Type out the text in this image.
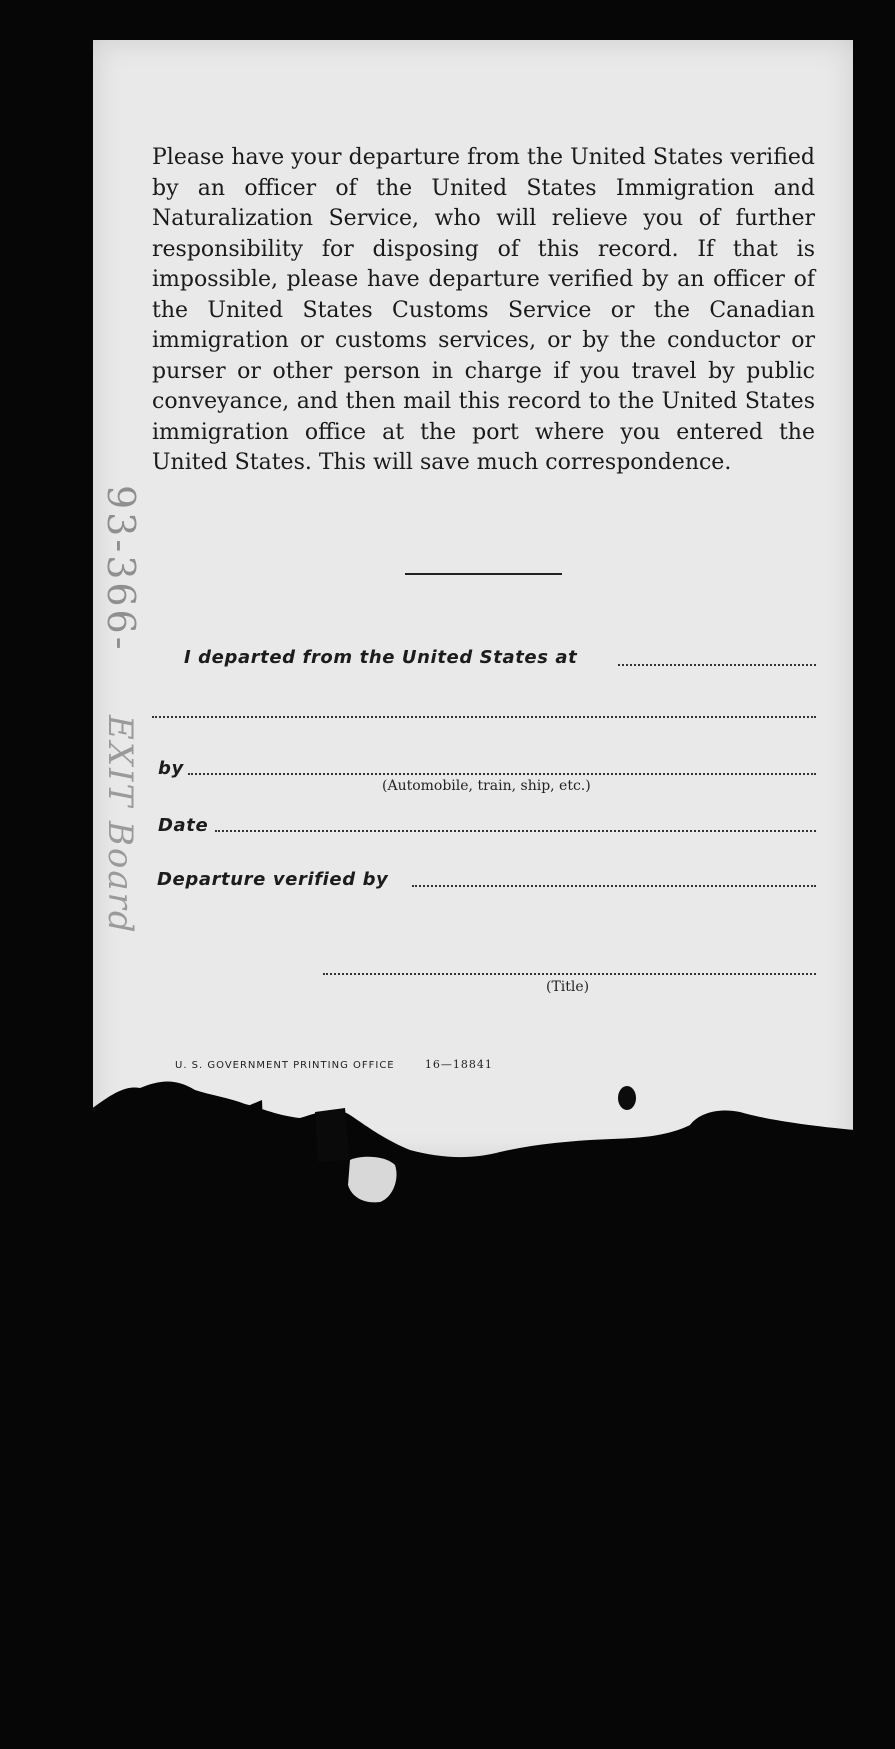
93-366-
EXIT Board

Please have your departure from the United States verified by an officer of the United States Immigration and Naturalization Service, who will relieve you of further responsibility for disposing of this record. If that is impossible, please have departure verified by an officer of the United States Customs Service or the Canadian immigration or customs services, or by the conductor or purser or other person in charge if you travel by public conveyance, and then mail this record to the United States immigration office at the port where you entered the United States. This will save much correspondence.

I departed from the United States at
by
(Automobile, train, ship, etc.)
Date
Departure verified by
(Title)
U. S. GOVERNMENT PRINTING OFFICE	16—18841
